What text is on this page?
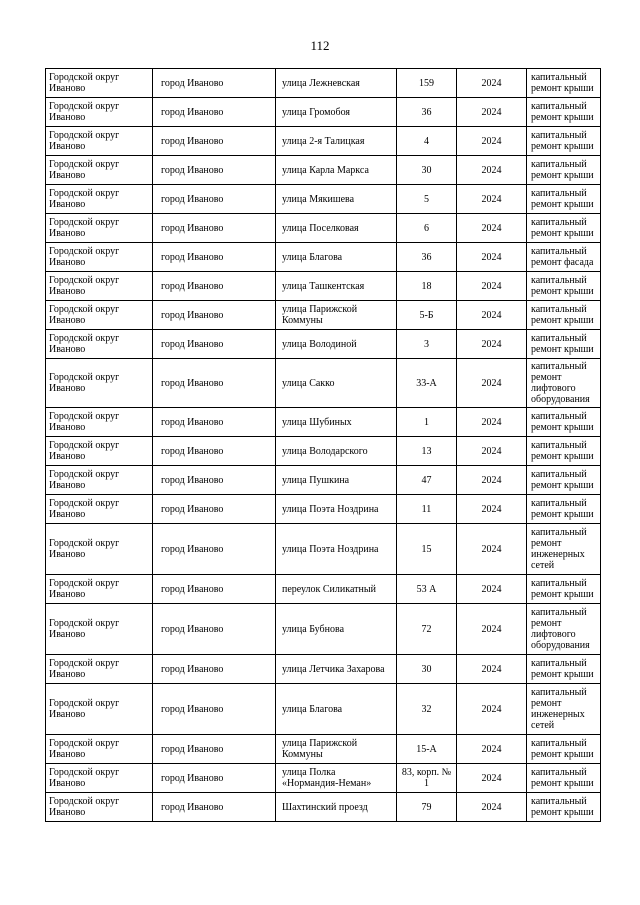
112
Городской округ Иваново	город Иваново	улица Лежневская	159	2024	капитальный ремонт крыши
Городской округ Иваново	город Иваново	улица Громобоя	36	2024	капитальный ремонт крыши
Городской округ Иваново	город Иваново	улица 2-я Талицкая	4	2024	капитальный ремонт крыши
Городской округ Иваново	город Иваново	улица Карла Маркса	30	2024	капитальный ремонт крыши
Городской округ Иваново	город Иваново	улица Мякишева	5	2024	капитальный ремонт крыши
Городской округ Иваново	город Иваново	улица Поселковая	6	2024	капитальный ремонт крыши
Городской округ Иваново	город Иваново	улица Благова	36	2024	капитальный ремонт фасада
Городской округ Иваново	город Иваново	улица Ташкентская	18	2024	капитальный ремонт крыши
Городской округ Иваново	город Иваново	улица Парижской Коммуны	5-Б	2024	капитальный ремонт крыши
Городской округ Иваново	город Иваново	улица Володиной	3	2024	капитальный ремонт крыши
Городской округ Иваново	город Иваново	улица Сакко	33-А	2024	капитальный ремонт лифтового оборудования
Городской округ Иваново	город Иваново	улица Шубиных	1	2024	капитальный ремонт крыши
Городской округ Иваново	город Иваново	улица Володарского	13	2024	капитальный ремонт крыши
Городской округ Иваново	город Иваново	улица Пушкина	47	2024	капитальный ремонт крыши
Городской округ Иваново	город Иваново	улица Поэта Ноздрина	11	2024	капитальный ремонт крыши
Городской округ Иваново	город Иваново	улица Поэта Ноздрина	15	2024	капитальный ремонт инженерных сетей
Городской округ Иваново	город Иваново	переулок Силикатный	53 А	2024	капитальный ремонт крыши
Городской округ Иваново	город Иваново	улица Бубнова	72	2024	капитальный ремонт лифтового оборудования
Городской округ Иваново	город Иваново	улица Летчика Захарова	30	2024	капитальный ремонт крыши
Городской округ Иваново	город Иваново	улица Благова	32	2024	капитальный ремонт инженерных сетей
Городской округ Иваново	город Иваново	улица Парижской Коммуны	15-А	2024	капитальный ремонт крыши
Городской округ Иваново	город Иваново	улица Полка «Нормандия-Неман»	83, корп. № 1	2024	капитальный ремонт крыши
Городской округ Иваново	город Иваново	Шахтинский проезд	79	2024	капитальный ремонт крыши
